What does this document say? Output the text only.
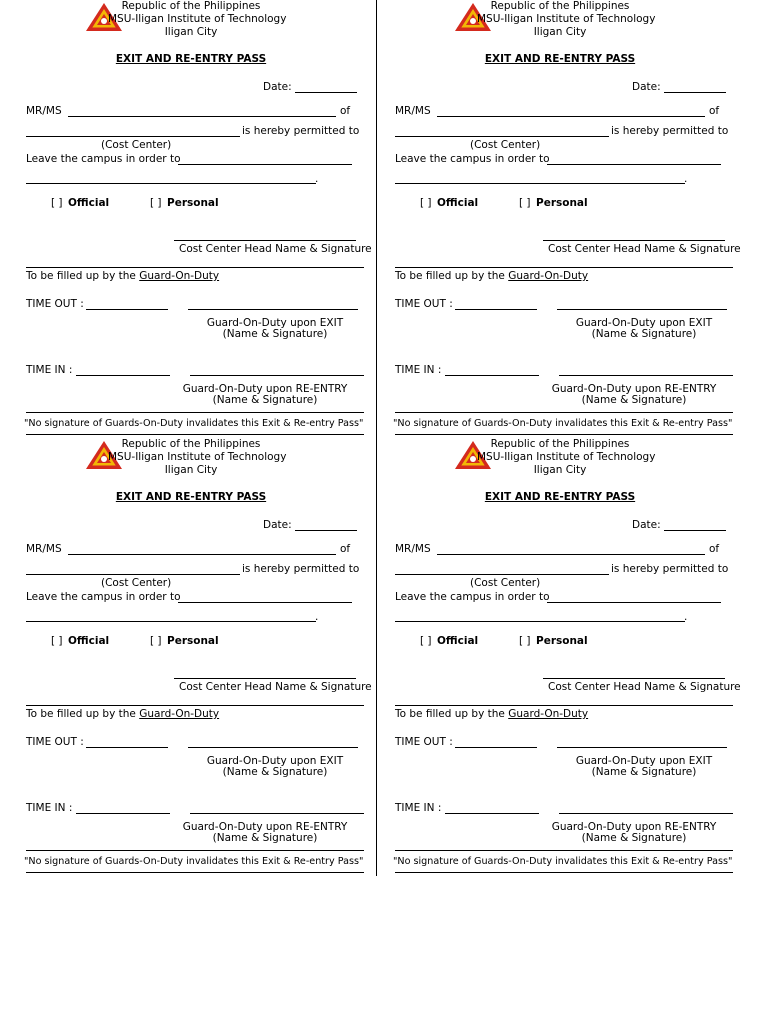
Republic of the Philippines
MSU-Iligan Institute of Technology
Iligan City
EXIT AND RE-ENTRY PASS
Date:
MR/MS	of
is hereby permitted to
(Cost Center)
Leave the campus in order to
.
[ ] Official	[ ] Personal
Cost Center Head Name & Signature
To be filled up by the Guard-On-Duty
TIME OUT :
Guard-On-Duty upon EXIT
(Name & Signature)
TIME IN :
Guard-On-Duty upon RE-ENTRY
(Name & Signature)
"No signature of Guards-On-Duty invalidates this Exit & Re-entry Pass"
Republic of the Philippines
MSU-Iligan Institute of Technology
Iligan City
EXIT AND RE-ENTRY PASS
Date:
MR/MS	of
is hereby permitted to
(Cost Center)
Leave the campus in order to
.
[ ] Official	[ ] Personal
Cost Center Head Name & Signature
To be filled up by the Guard-On-Duty
TIME OUT :
Guard-On-Duty upon EXIT
(Name & Signature)
TIME IN :
Guard-On-Duty upon RE-ENTRY
(Name & Signature)
"No signature of Guards-On-Duty invalidates this Exit & Re-entry Pass"
Republic of the Philippines
MSU-Iligan Institute of Technology
Iligan City
EXIT AND RE-ENTRY PASS
Date:
MR/MS	of
is hereby permitted to
(Cost Center)
Leave the campus in order to
.
[ ] Official	[ ] Personal
Cost Center Head Name & Signature
To be filled up by the Guard-On-Duty
TIME OUT :
Guard-On-Duty upon EXIT
(Name & Signature)
TIME IN :
Guard-On-Duty upon RE-ENTRY
(Name & Signature)
"No signature of Guards-On-Duty invalidates this Exit & Re-entry Pass"
Republic of the Philippines
MSU-Iligan Institute of Technology
Iligan City
EXIT AND RE-ENTRY PASS
Date:
MR/MS	of
is hereby permitted to
(Cost Center)
Leave the campus in order to
.
[ ] Official	[ ] Personal
Cost Center Head Name & Signature
To be filled up by the Guard-On-Duty
TIME OUT :
Guard-On-Duty upon EXIT
(Name & Signature)
TIME IN :
Guard-On-Duty upon RE-ENTRY
(Name & Signature)
"No signature of Guards-On-Duty invalidates this Exit & Re-entry Pass"
